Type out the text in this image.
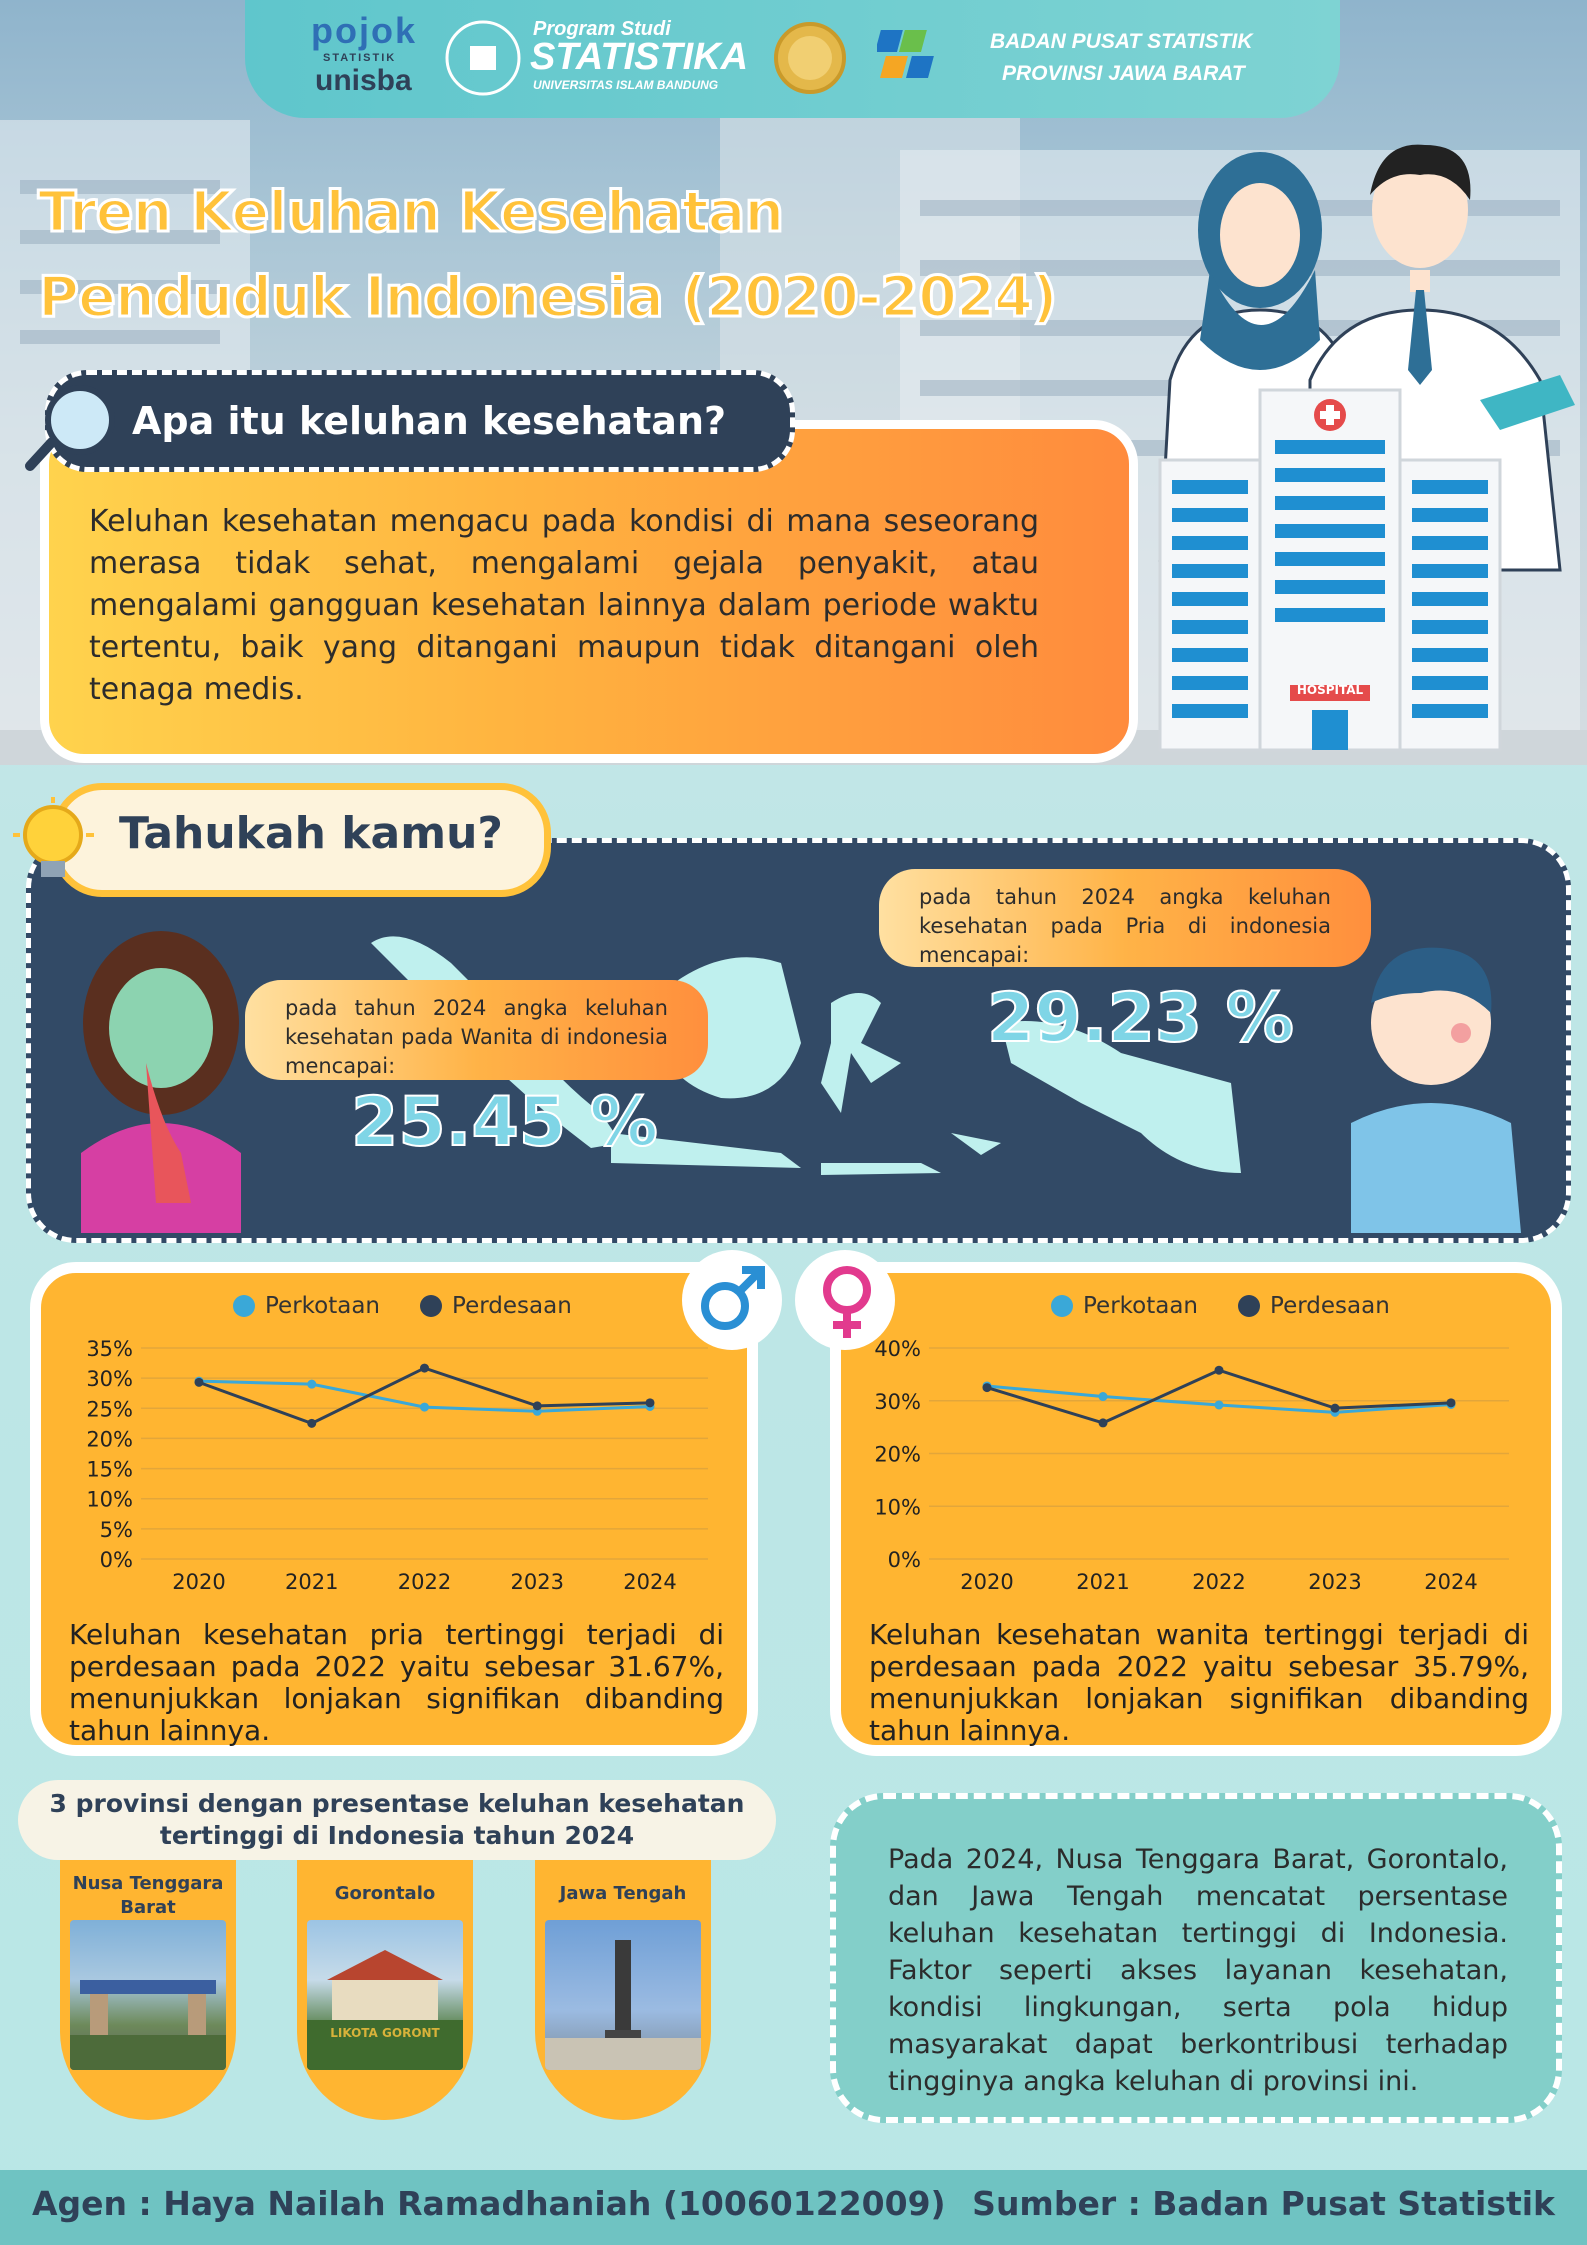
pojok
STATISTIK
unisba
Program Studi
STATISTIKA
UNIVERSITAS ISLAM BANDUNG
BADAN PUSAT STATISTIK
PROVINSI JAWA BARAT
Tren Keluhan Kesehatan
Penduduk Indonesia (2020-2024)
HOSPITAL
Keluhan kesehatan mengacu pada kondisi di mana seseorang merasa tidak sehat, mengalami gejala penyakit, atau mengalami gangguan kesehatan lainnya dalam periode waktu tertentu, baik yang ditangani maupun tidak ditangani oleh tenaga medis.
Apa itu keluhan kesehatan?
pada tahun 2024 angka keluhan kesehatan pada Wanita di indonesia mencapai:
25.45 %
pada tahun 2024 angka keluhan kesehatan pada Pria di indonesia mencapai:
29.23 %
Tahukah kamu?
Perkotaan	Perdesaan
0%
5%
10%
15%
20%
25%
30%
35%
2020	2021	2022	2023	2024
Keluhan kesehatan pria tertinggi terjadi di perdesaan pada 2022 yaitu sebesar 31.67%, menunjukkan lonjakan signifikan dibanding tahun lainnya.
Perkotaan	Perdesaan
0%
10%
20%
30%
40%
2020	2021	2022	2023	2024
Keluhan kesehatan wanita tertinggi terjadi di perdesaan pada 2022 yaitu sebesar 35.79%, menunjukkan lonjakan signifikan dibanding tahun lainnya.
3 provinsi dengan presentase keluhan kesehatan tertinggi di Indonesia tahun 2024
Nusa Tenggara Barat
Gorontalo
LIKOTA GORONT
Jawa Tengah
Pada 2024, Nusa Tenggara Barat, Gorontalo, dan Jawa Tengah mencatat persentase keluhan kesehatan tertinggi di Indonesia. Faktor seperti akses layanan kesehatan, kondisi lingkungan, serta pola hidup masyarakat dapat berkontribusi terhadap tingginya angka keluhan di provinsi ini.
Agen : Haya Nailah Ramadhaniah (10060122009) Sumber : Badan Pusat Statistik
